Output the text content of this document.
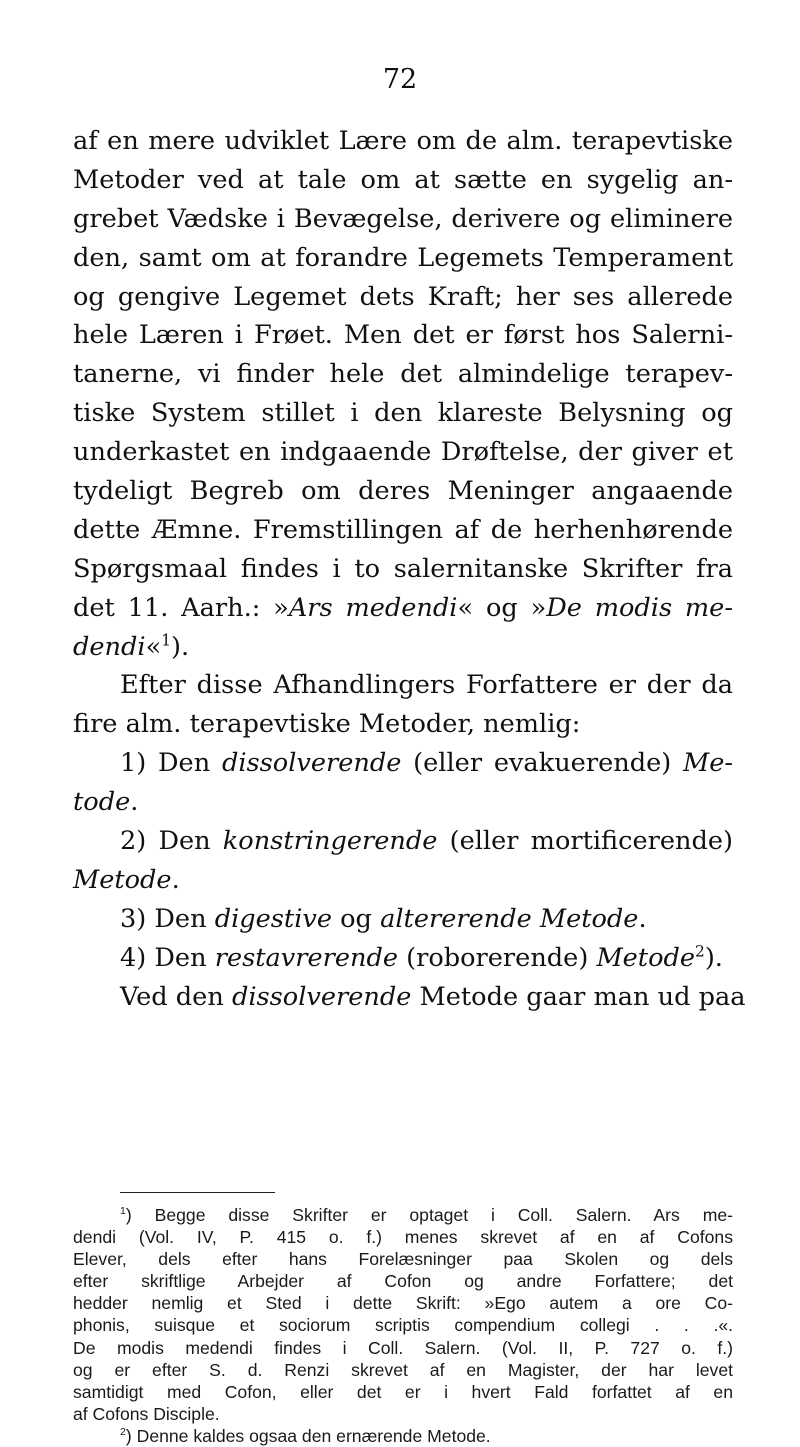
72
af en mere udviklet Lære om de alm. terapevtiske
Metoder ved at tale om at sætte en sygelig an-
grebet Vædske i Bevægelse, derivere og eliminere
den, samt om at forandre Legemets Temperament
og gengive Legemet dets Kraft; her ses allerede
hele Læren i Frøet. Men det er først hos Salerni-
tanerne, vi finder hele det almindelige terapev-
tiske System stillet i den klareste Belysning og
underkastet en indgaaende Drøftelse, der giver et
tydeligt Begreb om deres Meninger angaaende
dette Æmne. Fremstillingen af de herhenhørende
Spørgsmaal findes i to salernitanske Skrifter fra
det 11. Aarh.: »Ars medendi« og »De modis me-
dendi«$^1$).
Efter disse Afhandlingers Forfattere er der da
fire alm. terapevtiske Metoder, nemlig:
1) Den dissolverende (eller evakuerende) Me-
tode.
2) Den konstringerende (eller mortificerende)
Metode.
3) Den digestive og altererende Metode.
4) Den restavrerende (roborerende) Metode$^2$).
Ved den dissolverende Metode gaar man ud paa
$^1$) Begge disse Skrifter er optaget i Coll. Salern. Ars me-
dendi (Vol. IV, P. 415 o. f.) menes skrevet af en af Cofons
Elever, dels efter hans Forelæsninger paa Skolen og dels
efter skriftlige Arbejder af Cofon og andre Forfattere; det
hedder nemlig et Sted i dette Skrift: »Ego autem a ore Co-
phonis, suisque et sociorum scriptis compendium collegi . . .«.
De modis medendi findes i Coll. Salern. (Vol. II, P. 727 o. f.)
og er efter S. d. Renzi skrevet af en Magister, der har levet
samtidigt med Cofon, eller det er i hvert Fald forfattet af en
af Cofons Disciple.
$^2$) Denne kaldes ogsaa den ernærende Metode.
